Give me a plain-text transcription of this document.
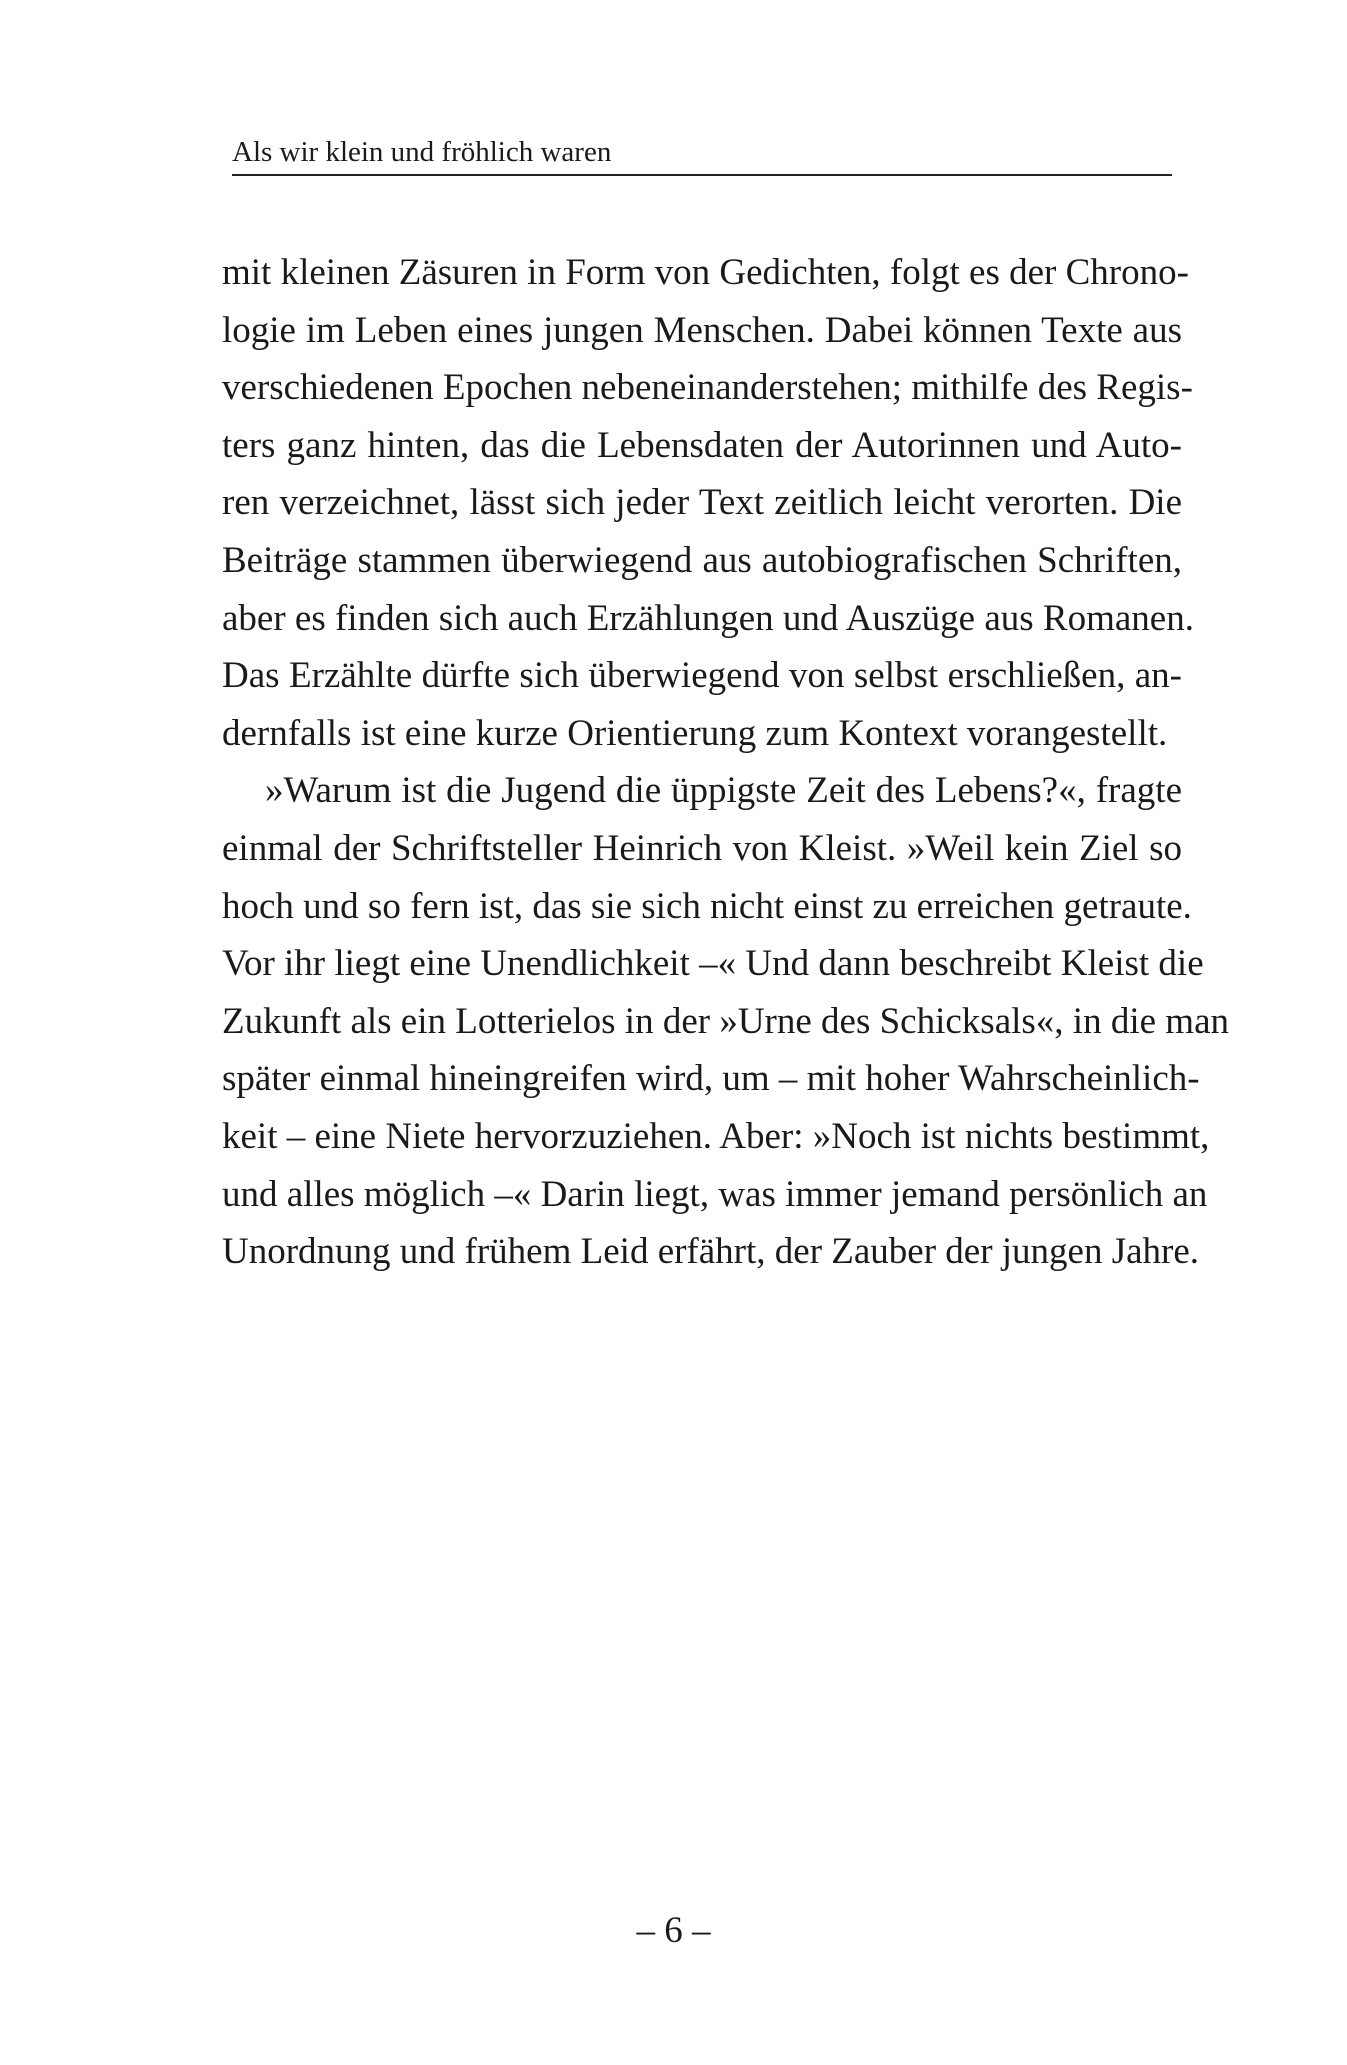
Als wir klein und fröhlich waren
mit kleinen Zäsuren in Form von Gedichten, folgt es der Chrono-
logie im Leben eines jungen Menschen. Dabei können Texte aus
verschiedenen Epochen nebeneinanderstehen; mithilfe des Regis-
ters ganz hinten, das die Lebensdaten der Autorinnen und Auto-
ren verzeichnet, lässt sich jeder Text zeitlich leicht verorten. Die
Beiträge stammen überwiegend aus autobiografischen Schriften,
aber es finden sich auch Erzählungen und Auszüge aus Romanen.
Das Erzählte dürfte sich überwiegend von selbst erschließen, an-
dernfalls ist eine kurze Orientierung zum Kontext vorangestellt.
»Warum ist die Jugend die üppigste Zeit des Lebens?«, fragte
einmal der Schriftsteller Heinrich von Kleist. »Weil kein Ziel so
hoch und so fern ist, das sie sich nicht einst zu erreichen getraute.
Vor ihr liegt eine Unendlichkeit –« Und dann beschreibt Kleist die
Zukunft als ein Lotterielos in der »Urne des Schicksals«, in die man
später einmal hineingreifen wird, um – mit hoher Wahrscheinlich-
keit – eine Niete hervorzuziehen. Aber: »Noch ist nichts bestimmt,
und alles möglich –« Darin liegt, was immer jemand persönlich an
Unordnung und frühem Leid erfährt, der Zauber der jungen Jahre.
– 6 –
